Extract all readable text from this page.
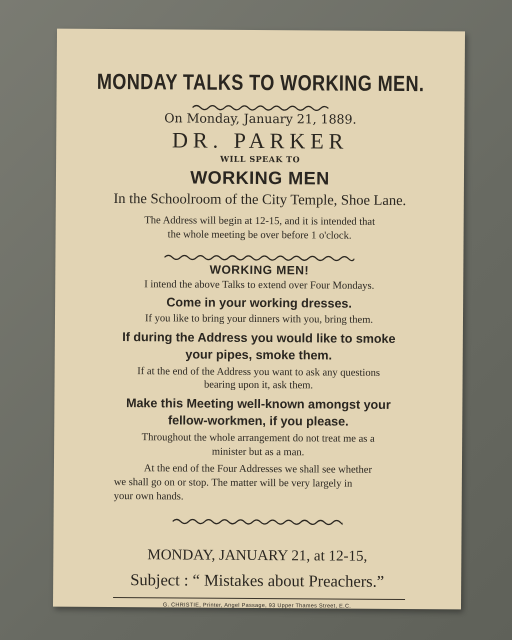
MONDAY TALKS TO WORKING MEN.
On Monday, January 21, 1889.
DR. PARKER
WILL SPEAK TO
WORKING MEN
In the Schoolroom of the City Temple, Shoe Lane.
The Address will begin at 12-15, and it is intended that
the whole meeting be over before 1 o'clock.
WORKING MEN!
I intend the above Talks to extend over Four Mondays.
Come in your working dresses.
If you like to bring your dinners with you, bring them.
If during the Address you would like to smoke
your pipes, smoke them.
If at the end of the Address you want to ask any questions
bearing upon it, ask them.
Make this Meeting well-known amongst your
fellow-workmen, if you please.
Throughout the whole arrangement do not treat me as a
minister but as a man.
At the end of the Four Addresses we shall see whether
we shall go on or stop. The matter will be very largely in
your own hands.
MONDAY, JANUARY 21, at 12-15,
Subject : “ Mistakes about Preachers.”
G. CHRISTIE, Printer, Angel Passage, 93 Upper Thames Street, E.C.
